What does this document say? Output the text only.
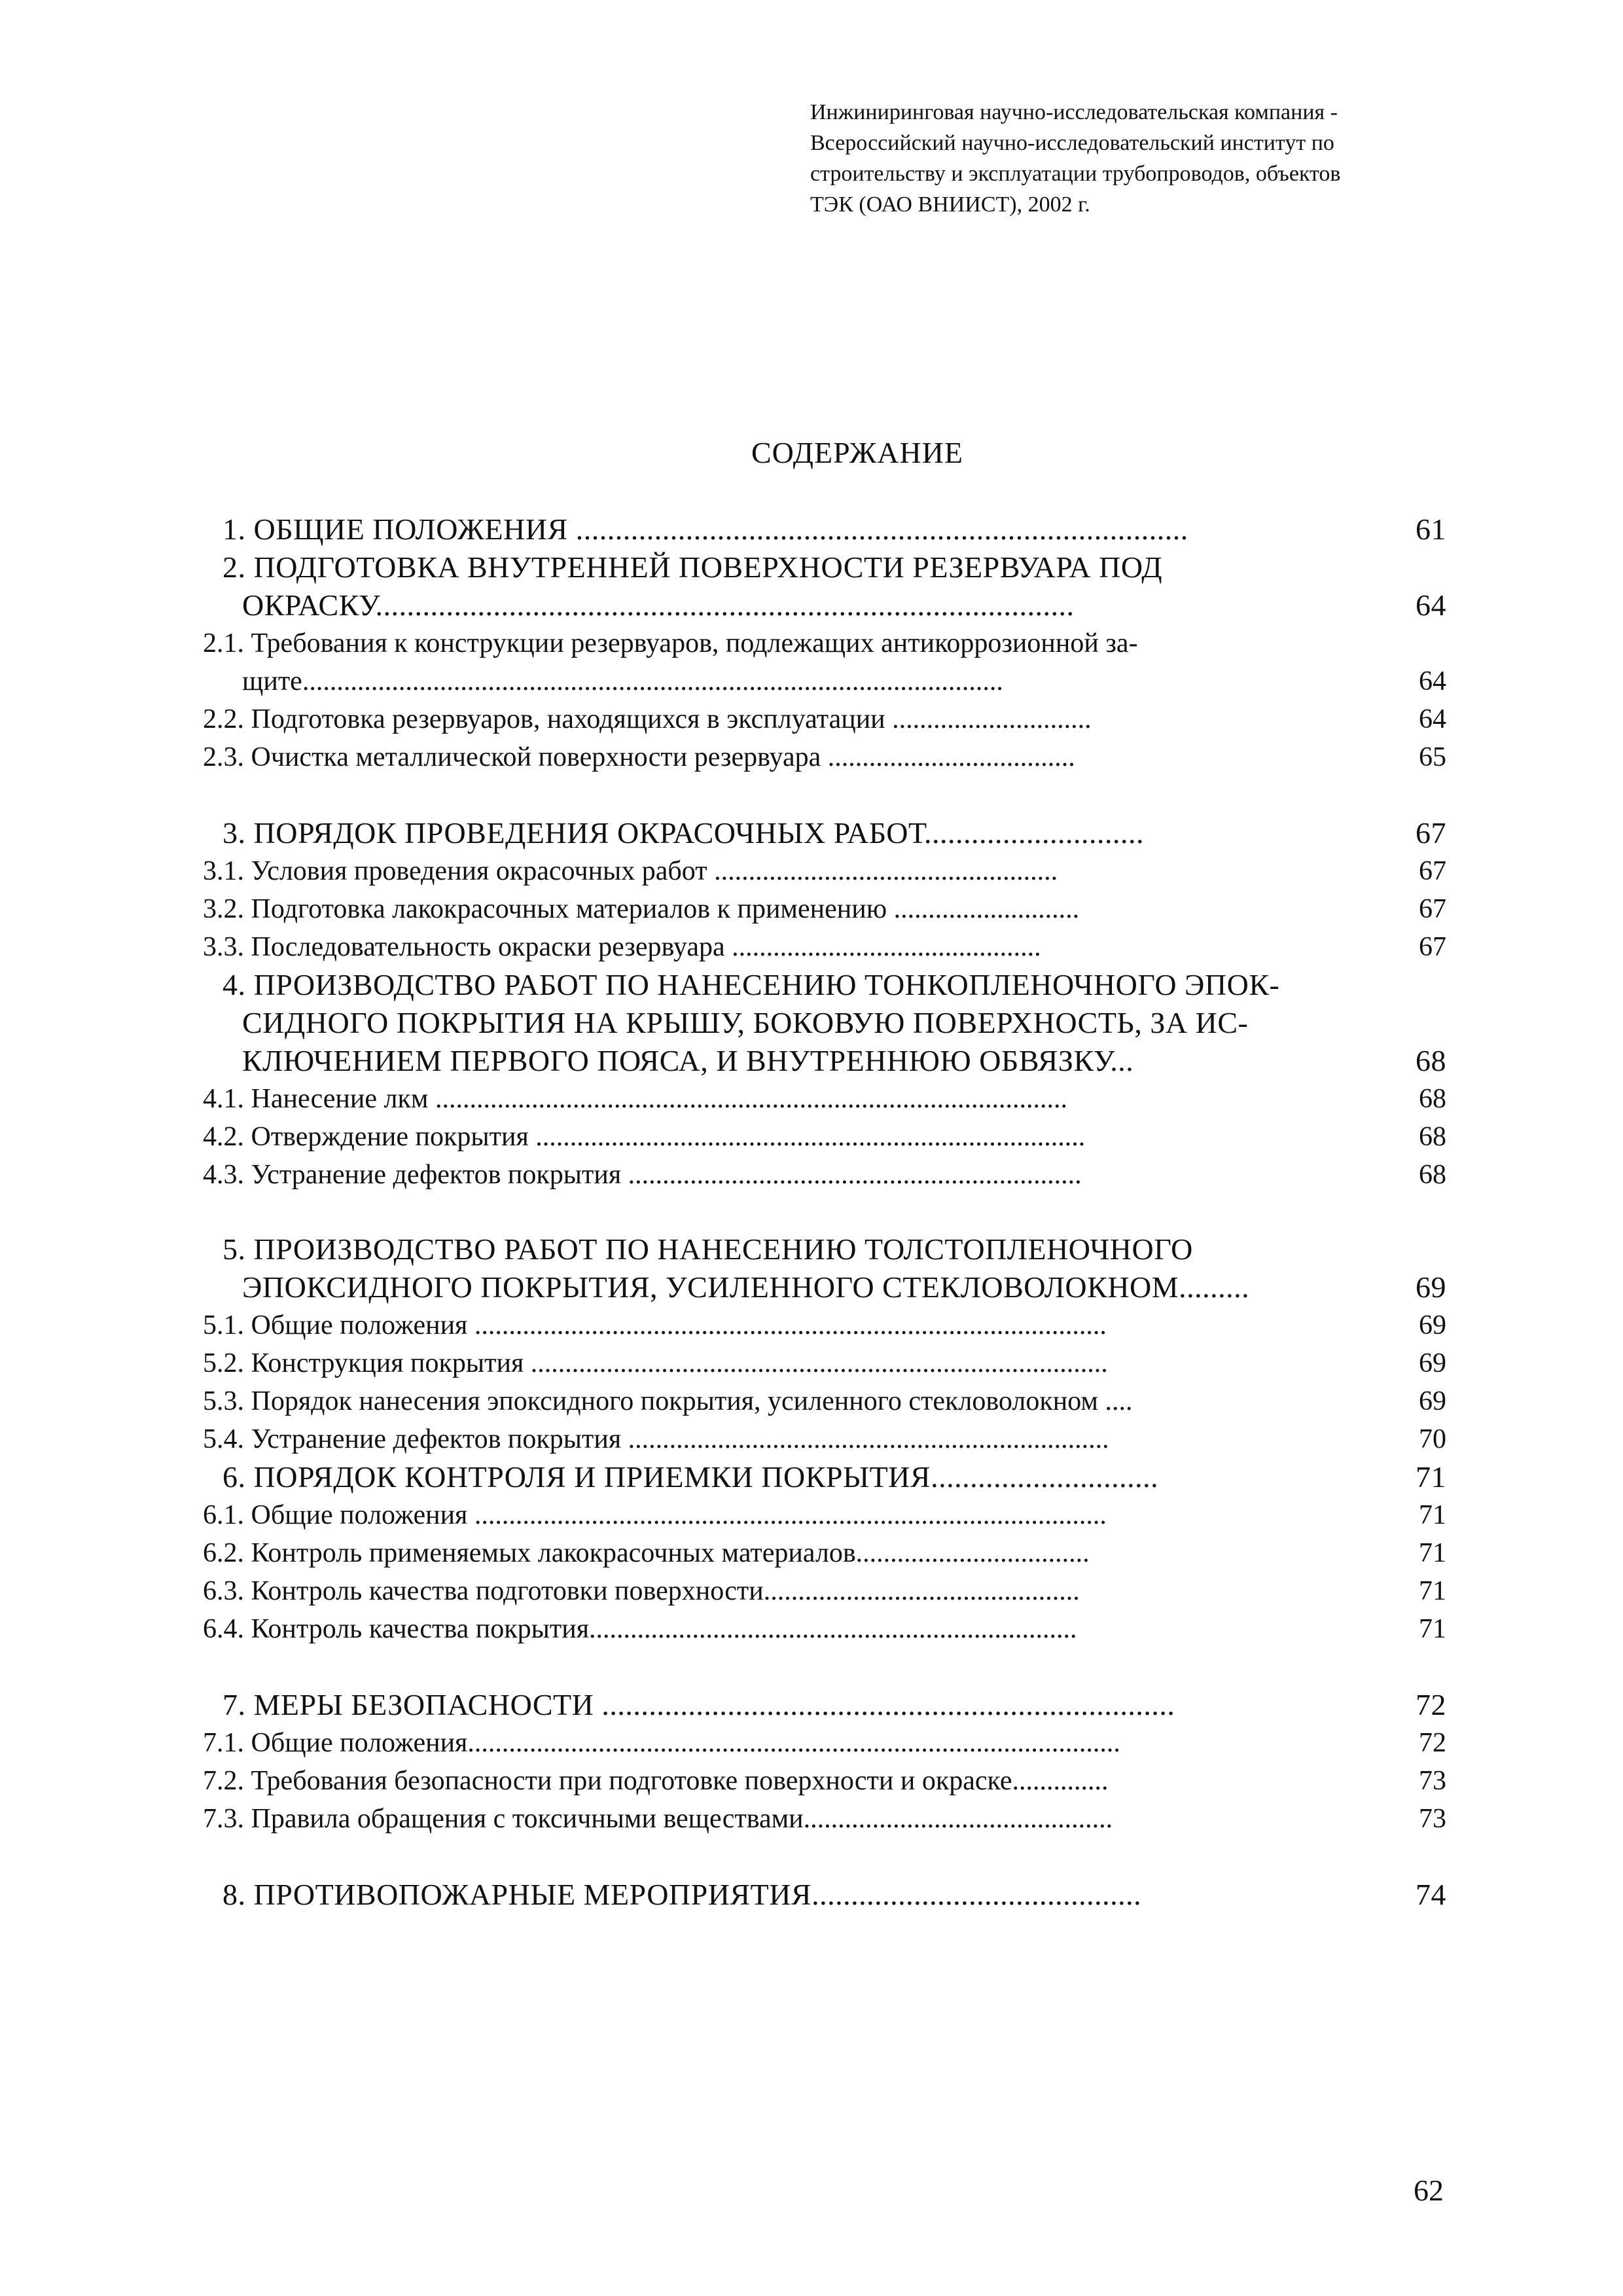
Инжиниринговая научно-исследовательская компания -
Всероссийский научно-исследовательский институт по
строительству и эксплуатации трубопроводов, объектов
ТЭК (ОАО ВНИИСТ), 2002 г.
СОДЕРЖАНИЕ
1. ОБЩИЕ ПОЛОЖЕНИЯ ..............................................................................	61
2. ПОДГОТОВКА ВНУТРЕННЕЙ ПОВЕРХНОСТИ РЕЗЕРВУАРА ПОД
ОКРАСКУ.........................................................................................	64
2.1. Требования к конструкции резервуаров, подлежащих антикоррозионной за-
щите......................................................................................................	64
2.2. Подготовка резервуаров, находящихся в эксплуатации .............................	64
2.3. Очистка металлической поверхности резервуара ....................................	65
3. ПОРЯДОК ПРОВЕДЕНИЯ ОКРАСОЧНЫХ РАБОТ............................	67
3.1. Условия проведения окрасочных работ ..................................................	67
3.2. Подготовка лакокрасочных материалов к применению ...........................	67
3.3. Последовательность окраски резервуара .............................................	67
4. ПРОИЗВОДСТВО РАБОТ ПО НАНЕСЕНИЮ ТОНКОПЛЕНОЧНОГО ЭПОК-
СИДНОГО ПОКРЫТИЯ НА КРЫШУ, БОКОВУЮ ПОВЕРХНОСТЬ, ЗА ИС-
КЛЮЧЕНИЕМ ПЕРВОГО ПОЯСА, И ВНУТРЕННЮЮ ОБВЯЗКУ...	68
4.1. Нанесение лкм ............................................................................................	68
4.2. Отверждение покрытия ................................................................................	68
4.3. Устранение дефектов покрытия ..................................................................	68
5. ПРОИЗВОДСТВО РАБОТ ПО НАНЕСЕНИЮ ТОЛСТОПЛЕНОЧНОГО
ЭПОКСИДНОГО ПОКРЫТИЯ, УСИЛЕННОГО СТЕКЛОВОЛОКНОМ.........	69
5.1. Общие положения ............................................................................................	69
5.2. Конструкция покрытия ....................................................................................	69
5.3. Порядок нанесения эпоксидного покрытия, усиленного стекловолокном ....	69
5.4. Устранение дефектов покрытия ......................................................................	70
6. ПОРЯДОК КОНТРОЛЯ И ПРИЕМКИ ПОКРЫТИЯ.............................	71
6.1. Общие положения ............................................................................................	71
6.2. Контроль применяемых лакокрасочных материалов..................................	71
6.3. Контроль качества подготовки поверхности..............................................	71
6.4. Контроль качества покрытия.......................................................................	71
7. МЕРЫ БЕЗОПАСНОСТИ .........................................................................	72
7.1. Общие положения...............................................................................................	72
7.2. Требования безопасности при подготовке поверхности и окраске..............	73
7.3. Правила обращения с токсичными веществами.............................................	73
8. ПРОТИВОПОЖАРНЫЕ МЕРОПРИЯТИЯ..........................................	74
62
